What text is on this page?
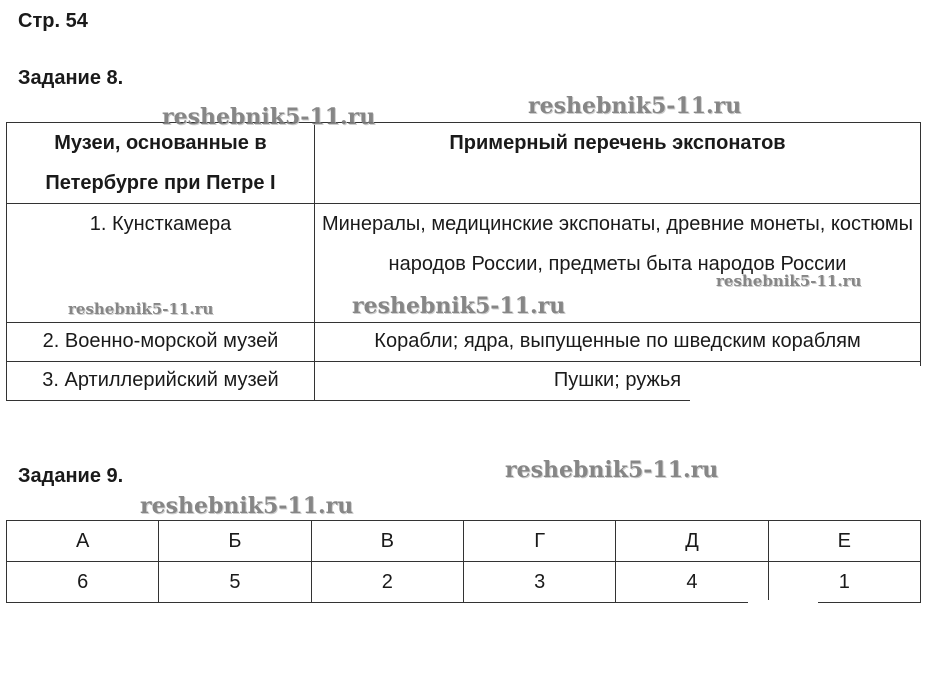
Стр. 54
Задание 8.
Музеи, основанные в Петербурге при Петре I	Примерный перечень экспонатов
1. Кунсткамера	Минералы, медицинские экспонаты, древние монеты, костюмы народов России, предметы быта народов России
2. Военно-морской музей	Корабли; ядра, выпущенные по шведским кораблям
3. Артиллерийский музей	Пушки; ружья
Задание 9.
А	Б	В	Г	Д	Е
6	5	2	3	4	1
reshebnik5-11.ru	reshebnik5-11.ru
reshebnik5-11.ru	reshebnik5-11.ru
reshebnik5-11.ru
reshebnik5-11.ru
reshebnik5-11.ru
